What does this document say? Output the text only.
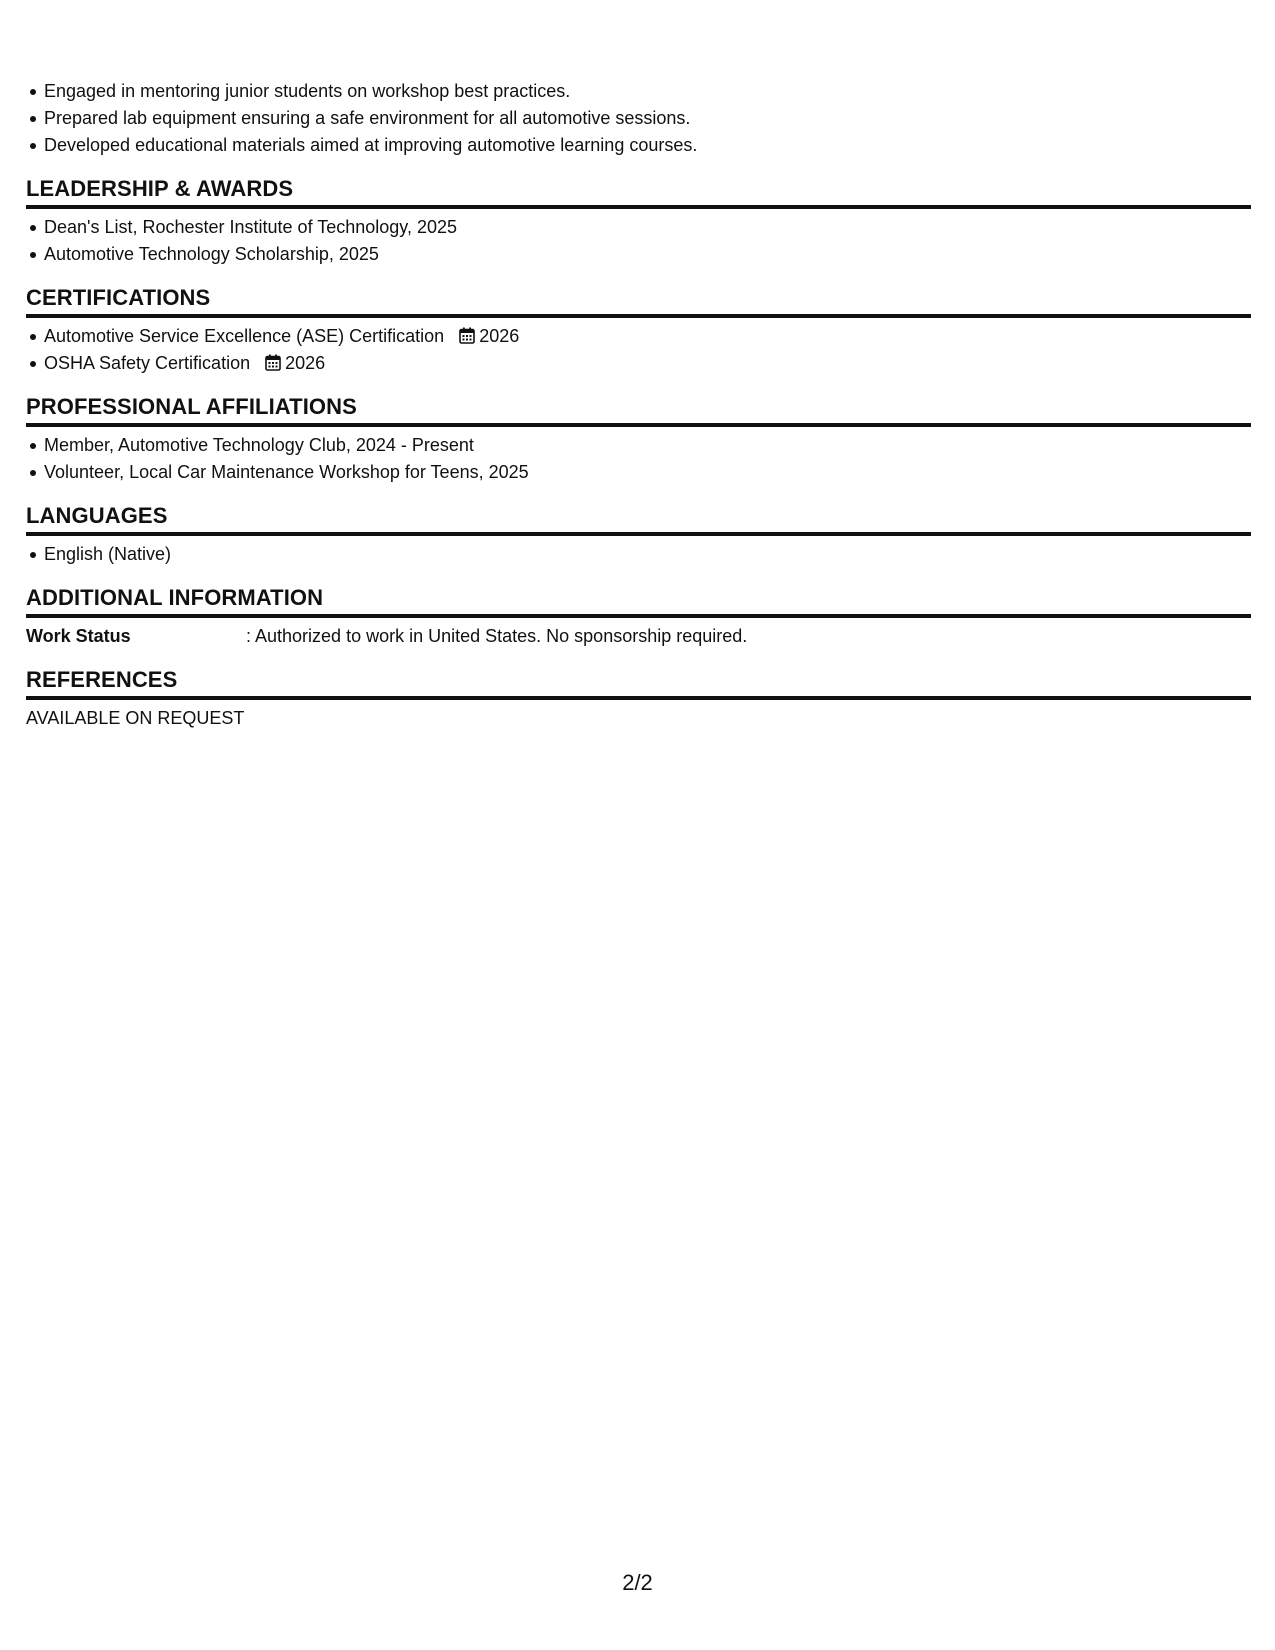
Engaged in mentoring junior students on workshop best practices.
Prepared lab equipment ensuring a safe environment for all automotive sessions.
Developed educational materials aimed at improving automotive learning courses.
LEADERSHIP & AWARDS
Dean's List, Rochester Institute of Technology, 2025
Automotive Technology Scholarship, 2025
CERTIFICATIONS
Automotive Service Excellence (ASE) Certification 2026
OSHA Safety Certification 2026
PROFESSIONAL AFFILIATIONS
Member, Automotive Technology Club, 2024 - Present
Volunteer, Local Car Maintenance Workshop for Teens, 2025
LANGUAGES
English (Native)
ADDITIONAL INFORMATION
Work Status	: Authorized to work in United States. No sponsorship required.
REFERENCES
AVAILABLE ON REQUEST
2/2
